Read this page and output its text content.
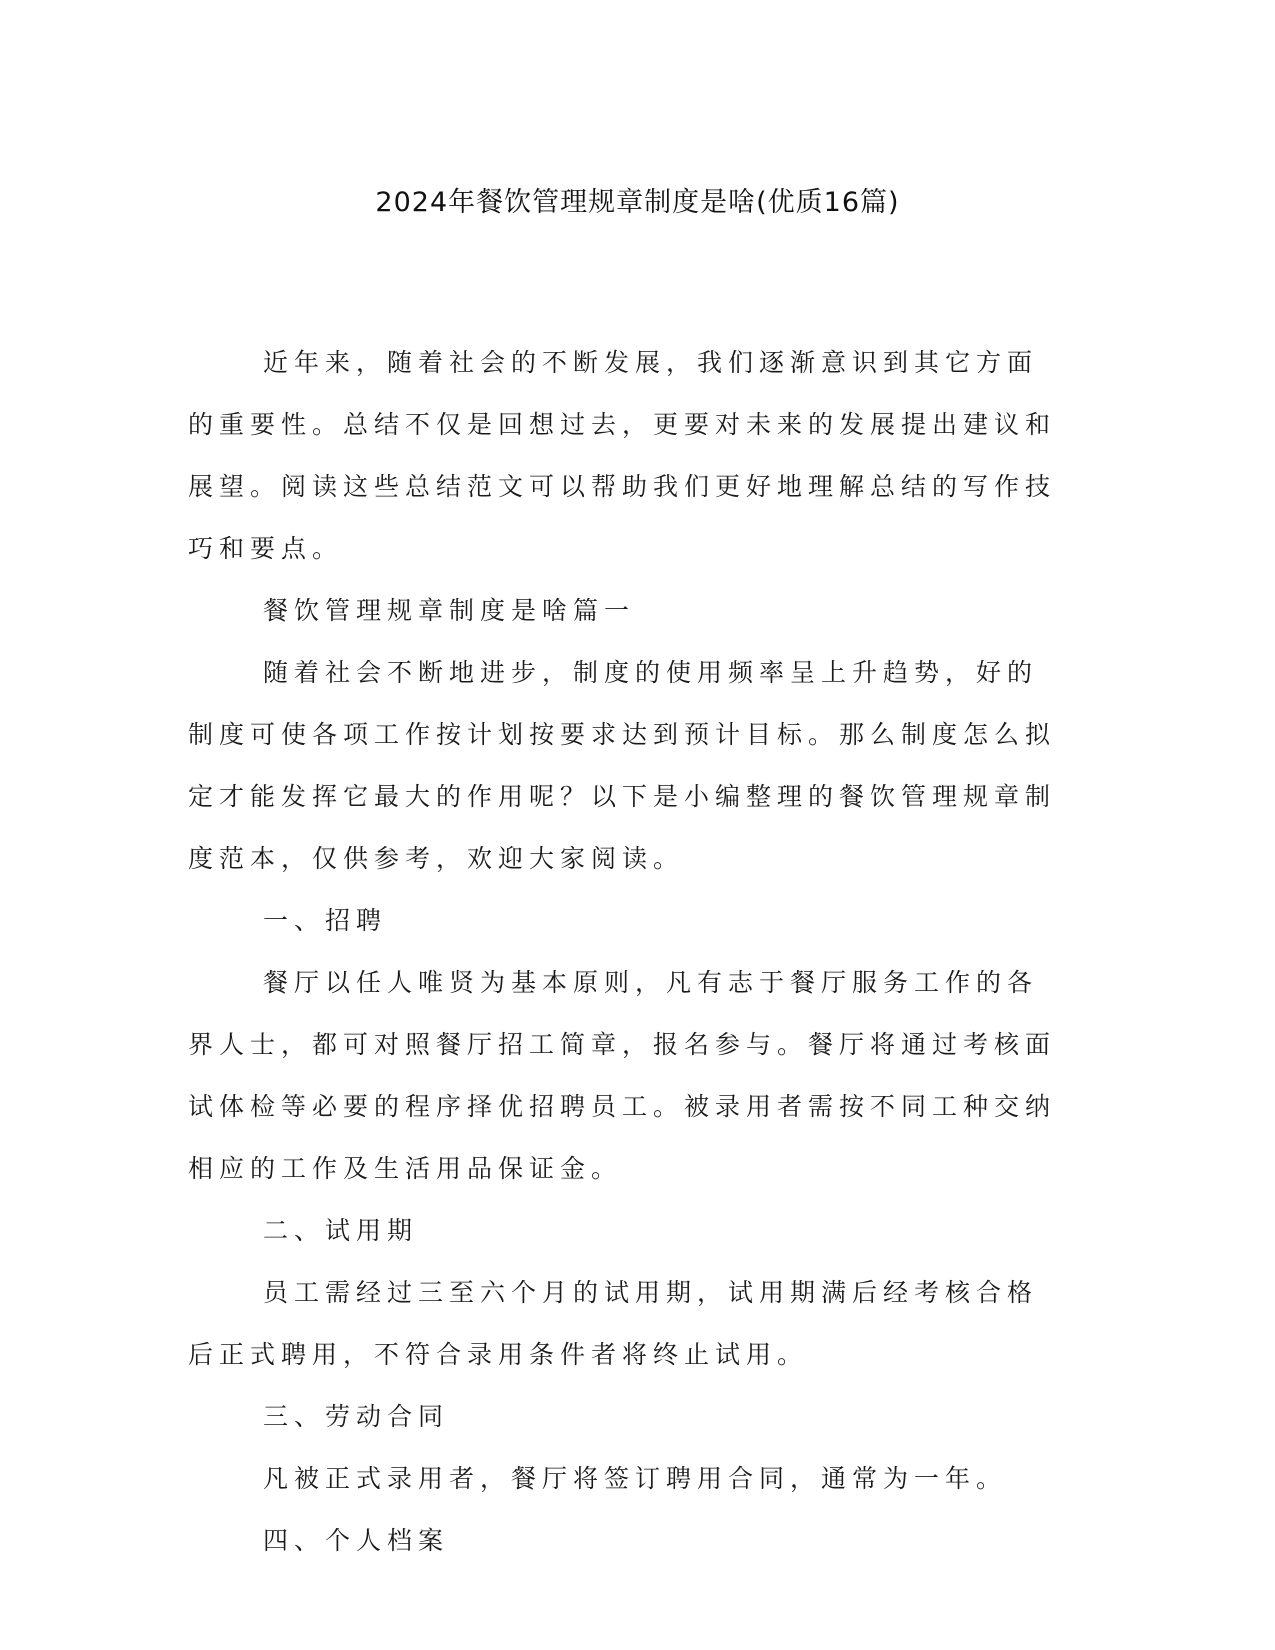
2024年餐饮管理规章制度是啥(优质16篇)

近年来，随着社会的不断发展，我们逐渐意识到其它方面的重要性。总结不仅是回想过去，更要对未来的发展提出建议和展望。阅读这些总结范文可以帮助我们更好地理解总结的写作技巧和要点。

餐饮管理规章制度是啥篇一

随着社会不断地进步，制度的使用频率呈上升趋势，好的制度可使各项工作按计划按要求达到预计目标。那么制度怎么拟定才能发挥它最大的作用呢？以下是小编整理的餐饮管理规章制度范本，仅供参考，欢迎大家阅读。

一、招聘

餐厅以任人唯贤为基本原则，凡有志于餐厅服务工作的各界人士，都可对照餐厅招工简章，报名参与。餐厅将通过考核面试体检等必要的程序择优招聘员工。被录用者需按不同工种交纳相应的工作及生活用品保证金。

二、试用期

员工需经过三至六个月的试用期，试用期满后经考核合格后正式聘用，不符合录用条件者将终止试用。

三、劳动合同

凡被正式录用者，餐厅将签订聘用合同，通常为一年。

四、个人档案
